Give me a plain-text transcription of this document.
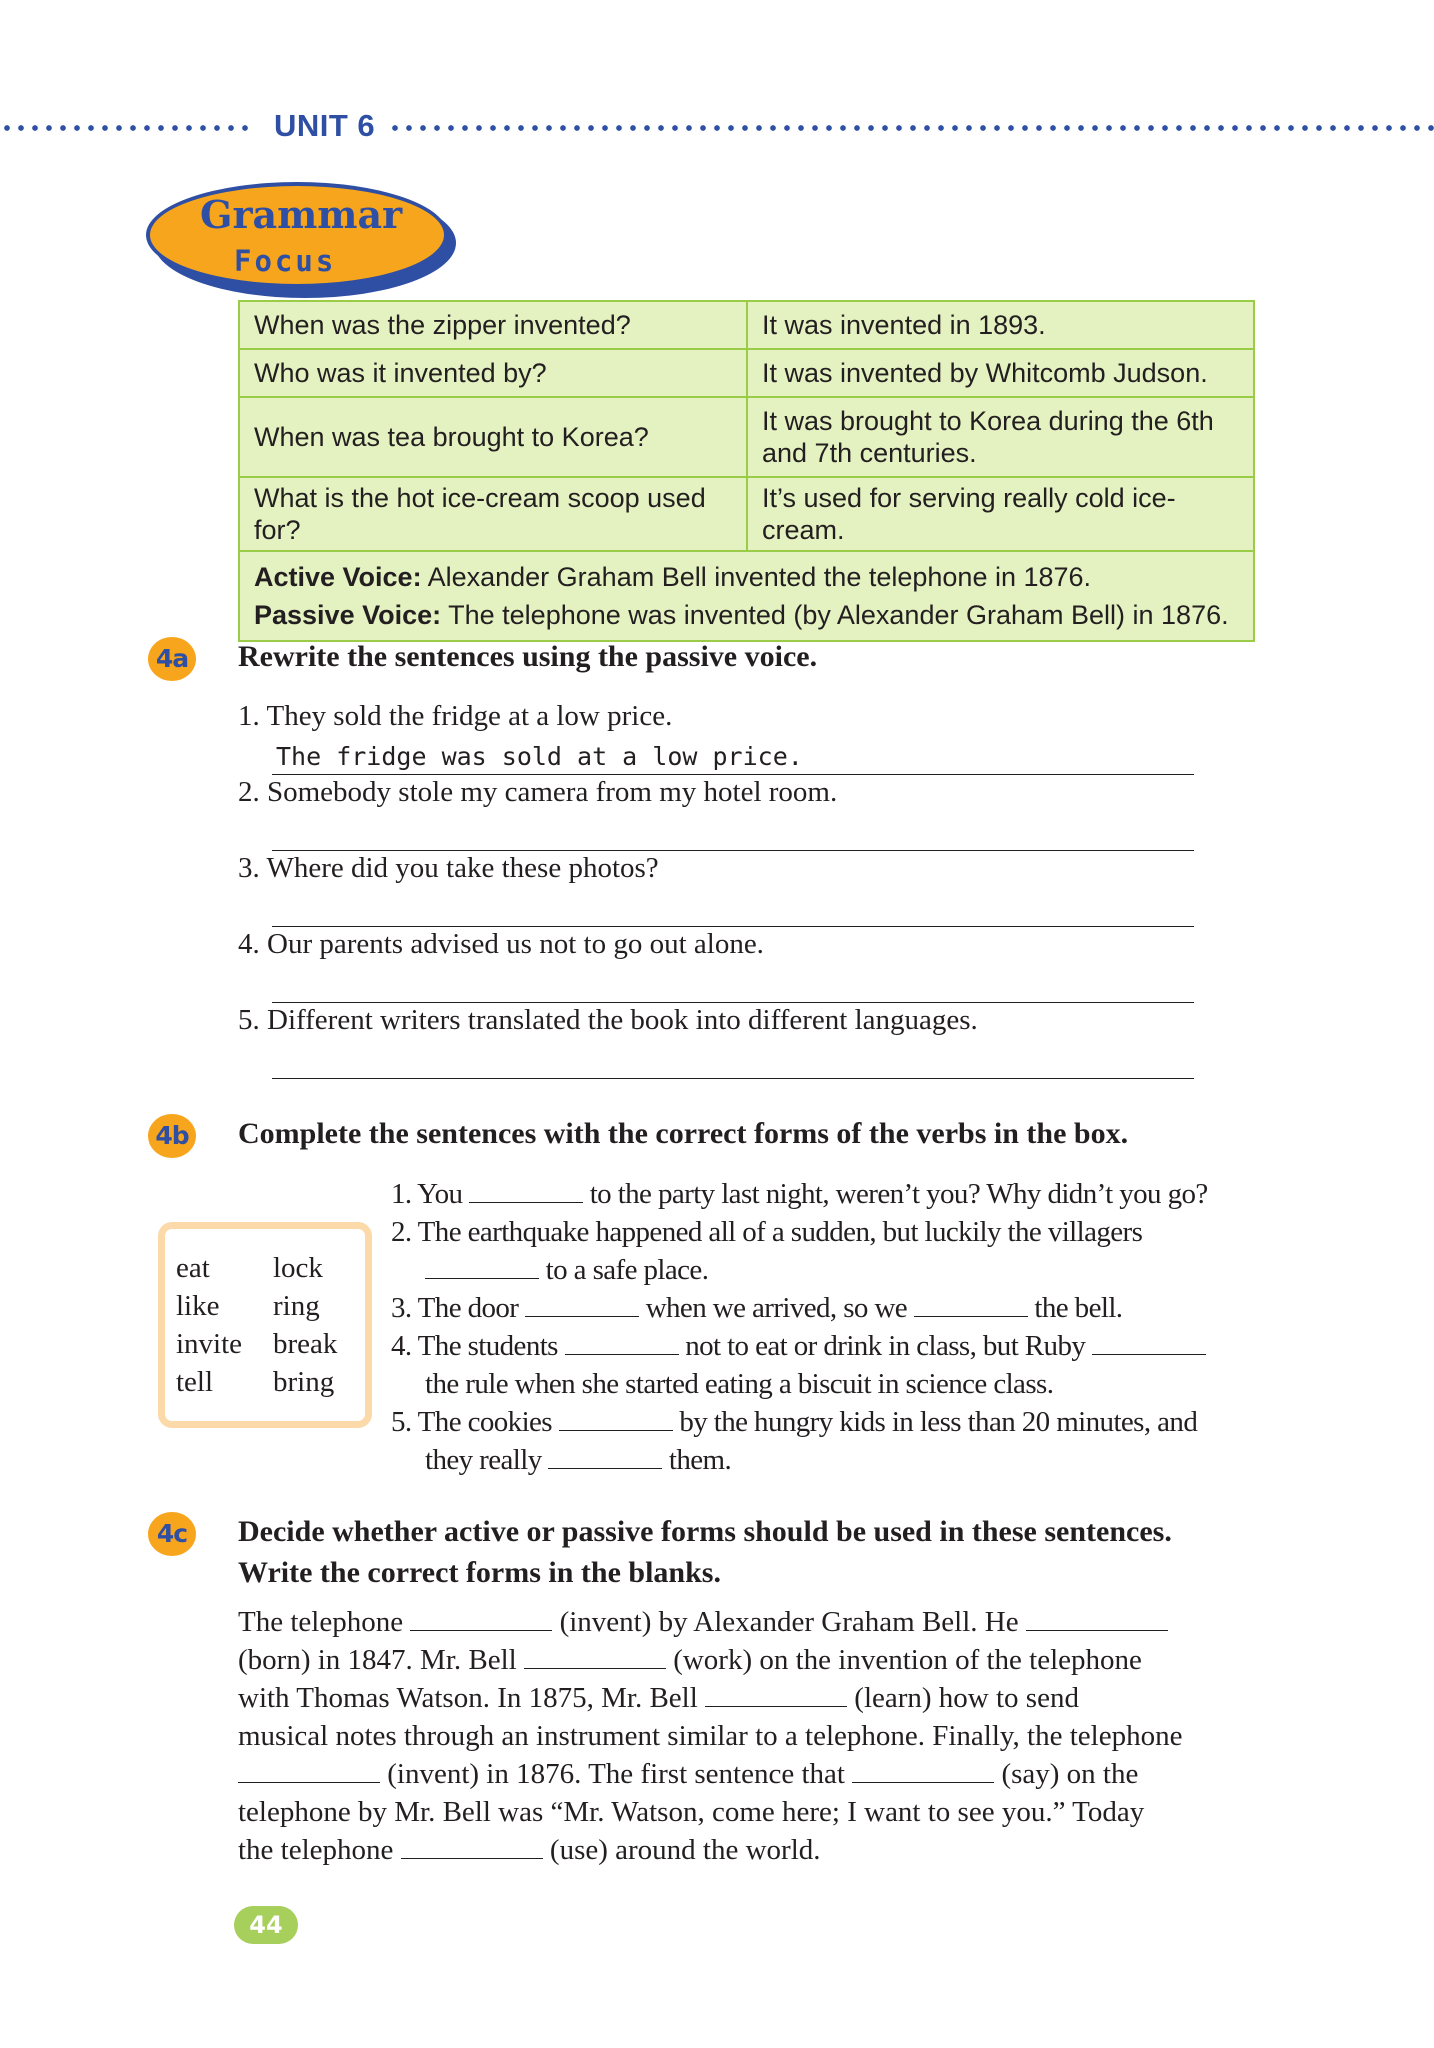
UNIT 6
Grammar
Focus
When was the zipper invented?	It was invented in 1893.
Who was it invented by?	It was invented by Whitcomb Judson.
When was tea brought to Korea?	It was brought to Korea during the 6th and 7th centuries.
What is the hot ice-cream scoop used for?	It’s used for serving really cold ice-cream.
Active Voice: Alexander Graham Bell invented the telephone in 1876.
Passive Voice: The telephone was invented (by Alexander Graham Bell) in 1876.	
4a Rewrite the sentences using the passive voice.
1. They sold the fridge at a low price.
The fridge was sold at a low price.
2. Somebody stole my camera from my hotel room.
3. Where did you take these photos?
4. Our parents advised us not to go out alone.
5. Different writers translated the book into different languages.
4b Complete the sentences with the correct forms of the verbs in the box.
eat lock
like ring
invite break
tell bring
1. You	to the party last night, weren’t you? Why didn’t you go?
2. The earthquake happened all of a sudden, but luckily the villagers
to a safe place.
3. The door	when we arrived, so we	the bell.
4. The students	not to eat or drink in class, but Ruby
the rule when she started eating a biscuit in science class.
5. The cookies	by the hungry kids in less than 20 minutes, and
they really	them.
4c Decide whether active or passive forms should be used in these sentences.
Write the correct forms in the blanks.
The telephone	(invent) by Alexander Graham Bell. He
(born) in 1847. Mr. Bell	(work) on the invention of the telephone
with Thomas Watson. In 1875, Mr. Bell	(learn) how to send
musical notes through an instrument similar to a telephone. Finally, the telephone
(invent) in 1876. The first sentence that	(say) on the
telephone by Mr. Bell was “Mr. Watson, come here; I want to see you.” Today
the telephone	(use) around the world.
44
